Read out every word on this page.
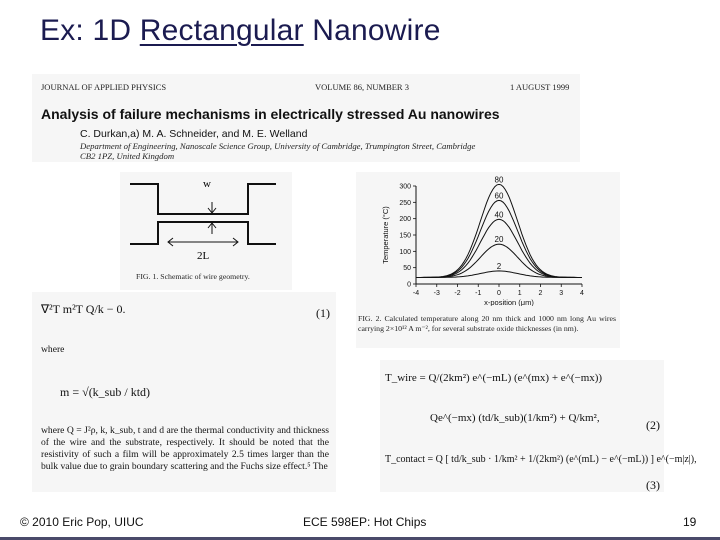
Ex: 1D Rectangular Nanowire
JOURNAL OF APPLIED PHYSICS	VOLUME 86, NUMBER 3	1 AUGUST 1999
Analysis of failure mechanisms in electrically stressed Au nanowires
C. Durkan,a) M. A. Schneider, and M. E. Welland
Department of Engineering, Nanoscale Science Group, University of Cambridge, Trumpington Street, Cambridge CB2 1PZ, United Kingdom
w
2L
FIG. 1. Schematic of wire geometry.
-4 -3 -2 -1 0 1 2 3 4
0
50
100
150
200
250
300
x-position (μm)
Temperature (°C)
80
60
40
20
2
FIG. 2. Calculated temperature along 20 nm thick and 1000 nm long Au wires carrying 2×10¹² A m⁻², for several substrate oxide thicknesses (in nm).
∇²T m²T Q/k − 0.	(1)
where
m = √(k_sub / ktd)
where Q = J²ρ, k, k_sub, t and d are the thermal conductivity and thickness of the wire and the substrate, respectively. It should be noted that the resistivity of such a film will be approximately 2.5 times larger than the bulk value due to grain boundary scattering and the Fuchs size effect.⁵ The
T_wire = Q/(2km²) e^(−mL) (e^(mx) + e^(−mx))
Qe^(−mx) (td/k_sub)(1/km²) + Q/km²,	(2)
T_contact = Q [ td/k_sub · 1/km² + 1/(2km²) (e^(mL) − e^(−mL)) ] e^(−m|z|),
(3)
© 2010 Eric Pop, UIUC	ECE 598EP: Hot Chips	19
